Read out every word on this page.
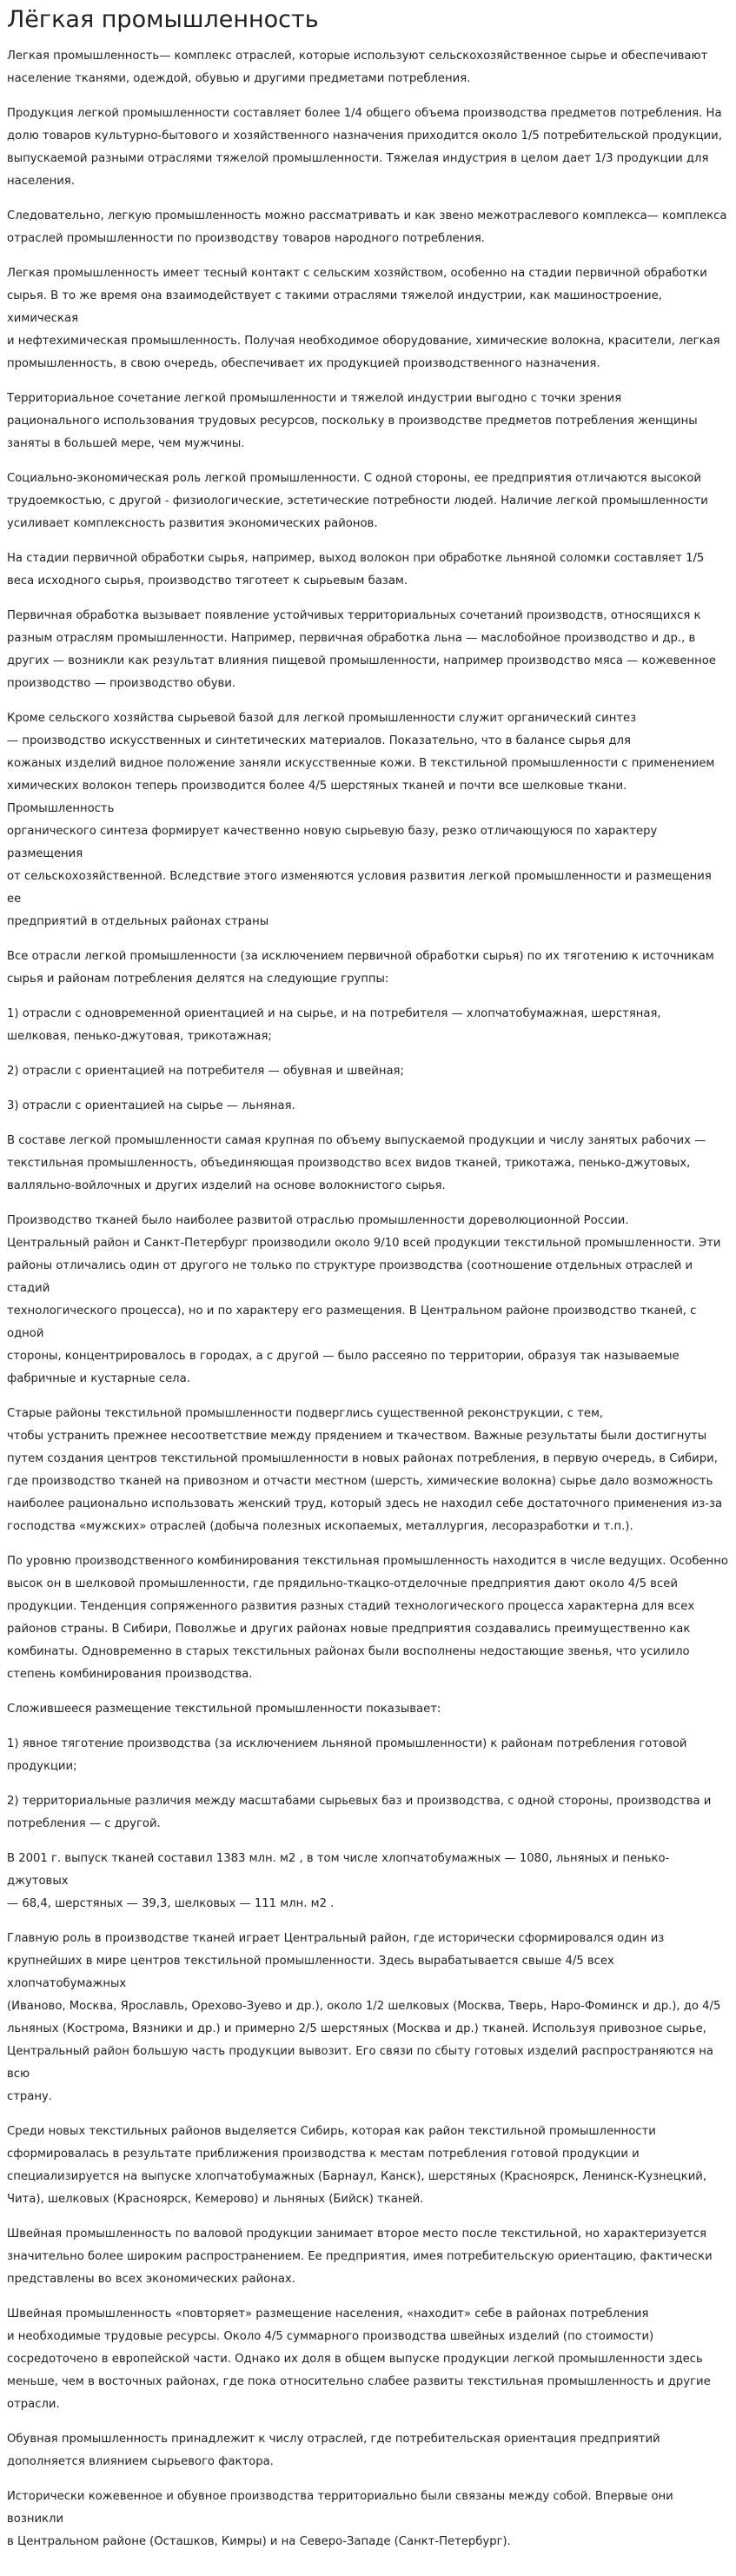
Лёгкая промышленность

Легкая промышленность— комплекс отраслей, которые используют сельскохозяйственное сырье и обеспечивают
население тканями, одеждой, обувью и другими предметами потребления.

Продукция легкой промышленности составляет более 1/4 общего объема производства предметов потребления. На
долю товаров культурно-бытового и хозяйственного назначения приходится около 1/5 потребительской продукции,
выпускаемой разными отраслями тяжелой промышленности. Тяжелая индустрия в целом дает 1/3 продукции для
населения.

Следовательно, легкую промышленность можно рассматривать и как звено межотраслевого комплекса— комплекса
отраслей промышленности по производству товаров народного потребления.

Легкая промышленность имеет тесный контакт с сельским хозяйством, особенно на стадии первичной обработки
сырья. В то же время она взаимодействует с такими отраслями тяжелой индустрии, как машиностроение, химическая
и нефтехимическая промышленность. Получая необходимое оборудование, химические волокна, красители, легкая
промышленность, в свою очередь, обеспечивает их продукцией производственного назначения.

Территориальное сочетание легкой промышленности и тяжелой индустрии выгодно с точки зрения
рационального использования трудовых ресурсов, поскольку в производстве предметов потребления женщины
заняты в большей мере, чем мужчины.

Социально-экономическая роль легкой промышленности. С одной стороны, ее предприятия отличаются высокой
трудоемкостью, с другой - физиологические, эстетические потребности людей. Наличие легкой промышленности
усиливает комплексность развития экономических районов.

На стадии первичной обработки сырья, например, выход волокон при обработке льняной соломки составляет 1/5
веса исходного сырья, производство тяготеет к сырьевым базам.

Первичная обработка вызывает появление устойчивых территориальных сочетаний производств, относящихся к
разным отраслям промышленности. Например, первичная обработка льна — маслобойное производство и др., в
других — возникли как результат влияния пищевой промышленности, например производство мяса — кожевенное
производство — производство обуви.

Кроме сельского хозяйства сырьевой базой для легкой промышленности служит органический синтез
— производство искусственных и синтетических материалов. Показательно, что в балансе сырья для
кожаных изделий видное положение заняли искусственные кожи. В текстильной промышленности с применением
химических волокон теперь производится более 4/5 шерстяных тканей и почти все шелковые ткани. Промышленность
органического синтеза формирует качественно новую сырьевую базу, резко отличающуюся по характеру размещения
от сельскохозяйственной. Вследствие этого изменяются условия развития легкой промышленности и размещения ее
предприятий в отдельных районах страны

Все отрасли легкой промышленности (за исключением первичной обработки сырья) по их тяготению к источникам
сырья и районам потребления делятся на следующие группы:

1) отрасли с одновременной ориентацией и на сырье, и на потребителя — хлопчатобумажная, шерстяная,
шелковая, пенько-джутовая, трикотажная;

2) отрасли с ориентацией на потребителя — обувная и швейная;

3) отрасли с ориентацией на сырье — льняная.

В составе легкой промышленности самая крупная по объему выпускаемой продукции и числу занятых рабочих —
текстильная промышленность, объединяющая производство всех видов тканей, трикотажа, пенько-джутовых,
валляльно-войлочных и других изделий на основе волокнистого сырья.

Производство тканей было наиболее развитой отраслью промышленности дореволюционной России.
Центральный район и Санкт-Петербург производили около 9/10 всей продукции текстильной промышленности. Эти
районы отличались один от другого не только по структуре производства (соотношение отдельных отраслей и стадий
технологического процесса), но и по характеру его размещения. В Центральном районе производство тканей, с одной
стороны, концентрировалось в городах, а с другой — было рассеяно по территории, образуя так называемые
фабричные и кустарные села.

Старые районы текстильной промышленности подверглись существенной реконструкции, с тем,
чтобы устранить прежнее несоответствие между прядением и ткачеством. Важные результаты были достигнуты
путем создания центров текстильной промышленности в новых районах потребления, в первую очередь, в Сибири,
где производство тканей на привозном и отчасти местном (шерсть, химические волокна) сырье дало возможность
наиболее рационально использовать женский труд, который здесь не находил себе достаточного применения из-за
господства «мужских» отраслей (добыча полезных ископаемых, металлургия, лесоразработки и т.п.).

По уровню производственного комбинирования текстильная промышленность находится в числе ведущих. Особенно
высок он в шелковой промышленности, где прядильно-ткацко-отделочные предприятия дают около 4/5 всей
продукции. Тенденция сопряженного развития разных стадий технологического процесса характерна для всех
районов страны. В Сибири, Поволжье и других районах новые предприятия создавались преимущественно как
комбинаты. Одновременно в старых текстильных районах были восполнены недостающие звенья, что усилило
степень комбинирования производства.

Сложившееся размещение текстильной промышленности показывает:

1) явное тяготение производства (за исключением льняной промышленности) к районам потребления готовой
продукции;

2) территориальные различия между масштабами сырьевых баз и производства, с одной стороны, производства и
потребления — с другой.

В 2001 г. выпуск тканей составил 1383 млн. м2 , в том числе хлопчатобумажных — 1080, льняных и пенько-джутовых
— 68,4, шерстяных — 39,3, шелковых — 111 млн. м2 .

Главную роль в производстве тканей играет Центральный район, где исторически сформировался один из
крупнейших в мире центров текстильной промышленности. Здесь вырабатывается свыше 4/5 всех хлопчатобумажных
(Иваново, Москва, Ярославль, Орехово-Зуево и др.), около 1/2 шелковых (Москва, Тверь, Наро-Фоминск и др.), до 4/5
льняных (Кострома, Вязники и др.) и примерно 2/5 шерстяных (Москва и др.) тканей. Используя привозное сырье,
Центральный район большую часть продукции вывозит. Его связи по сбыту готовых изделий распространяются на всю
страну.

Среди новых текстильных районов выделяется Сибирь, которая как район текстильной промышленности
сформировалась в результате приближения производства к местам потребления готовой продукции и
специализируется на выпуске хлопчатобумажных (Барнаул, Канск), шерстяных (Красноярск, Ленинск-Кузнецкий,
Чита), шелковых (Красноярск, Кемерово) и льняных (Бийск) тканей.

Швейная промышленность по валовой продукции занимает второе место после текстильной, но характеризуется
значительно более широким распространением. Ее предприятия, имея потребительскую ориентацию, фактически
представлены во всех экономических районах.

Швейная промышленность «повторяет» размещение населения, «находит» себе в районах потребления
и необходимые трудовые ресурсы. Около 4/5 суммарного производства швейных изделий (по стоимости)
сосредоточено в европейской части. Однако их доля в общем выпуске продукции легкой промышленности здесь
меньше, чем в восточных районах, где пока относительно слабее развиты текстильная промышленность и другие
отрасли.

Обувная промышленность принадлежит к числу отраслей, где потребительская ориентация предприятий
дополняется влиянием сырьевого фактора.

Исторически кожевенное и обувное производства территориально были связаны между собой. Впервые они возникли
в Центральном районе (Осташков, Кимры) и на Северо-Западе (Санкт-Петербург).
